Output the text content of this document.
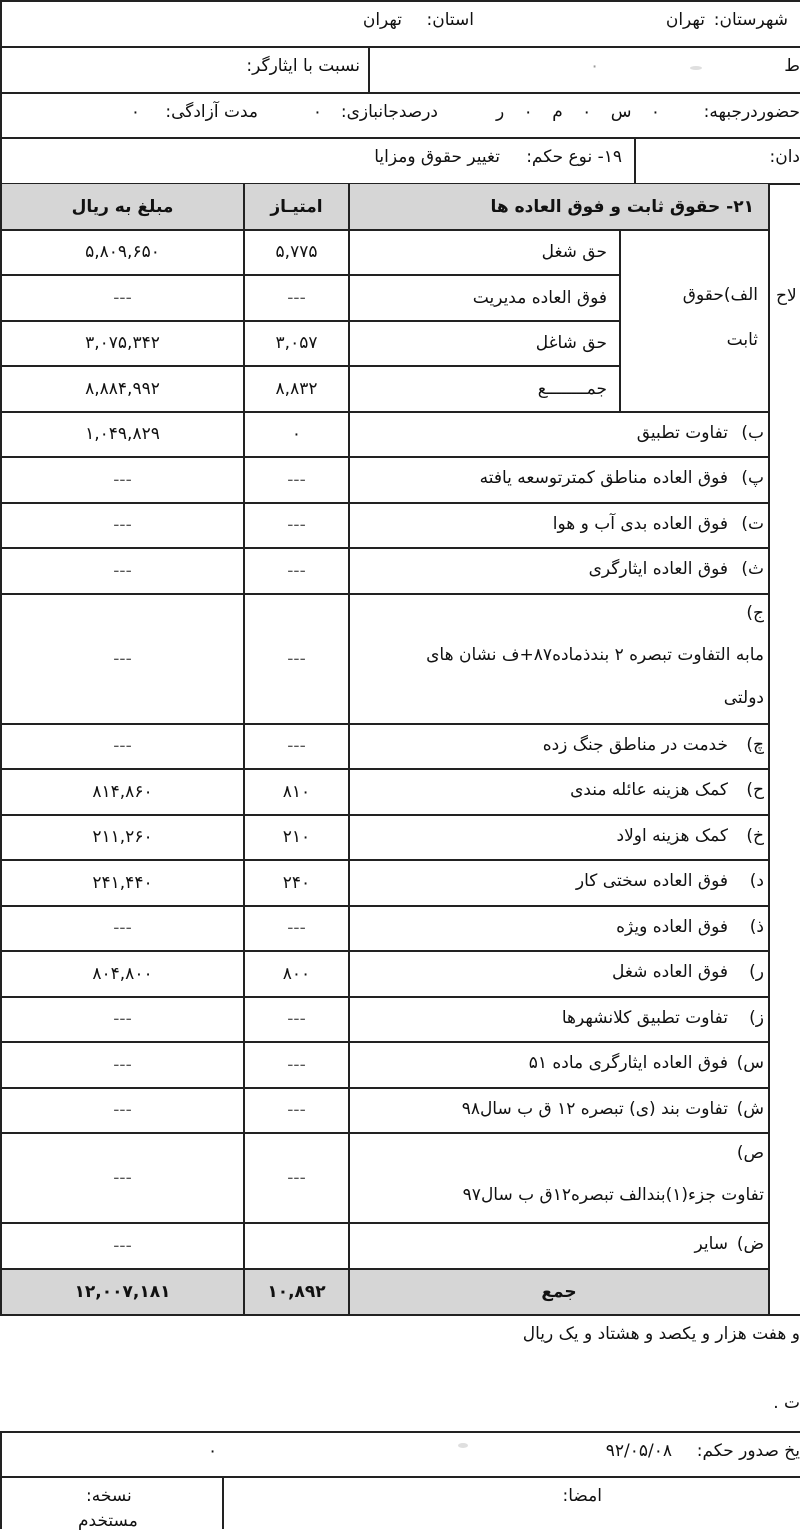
شهرستان:
تهران
استان:
تهران
ط
٠
نسبت با ایثارگر:
حضوردرجبهه:
۰ س ۰ م ۰ ر
درصدجانبازی:
۰
مدت آزادگی:
۰
دان:
۱۹- نوع حکم:
تغییر حقوق ومزایا
۲۱- حقوق ثابت و فوق العاده ها
امتیـاز
مبلغ به ریال
لاح
الف)حقوق
ثابت
حق شغل
۵,۷۷۵
۵,۸۰۹,۶۵۰
فوق العاده مدیریت
---
---
حق شاغل
۳,۰۵۷
۳,۰۷۵,۳۴۲
جمــــــــع
۸,۸۳۲
۸,۸۸۴,۹۹۲
ب)
تفاوت تطبیق
۰
۱,۰۴۹,۸۲۹
پ)
فوق العاده مناطق کمترتوسعه یافته
---
---
ت)
فوق العاده بدی آب و هوا
---
---
ث)
فوق العاده ایثارگری
---
---
ج)
مابه التفاوت تبصره ۲ بندذماده۸۷+ف نشان های
دولتی
---
---
چ)
خدمت در مناطق جنگ زده
---
---
ح)
کمک هزینه عائله مندی
۸۱۰
۸۱۴,۸۶۰
خ)
کمک هزینه اولاد
۲۱۰
۲۱۱,۲۶۰
د)
فوق العاده سختی کار
۲۴۰
۲۴۱,۴۴۰
ذ)
فوق العاده ویژه
---
---
ر)
فوق العاده شغل
۸۰۰
۸۰۴,۸۰۰
ز)
تفاوت تطبیق کلانشهرها
---
---
س)
فوق العاده ایثارگری ماده ۵۱
---
---
ش)
تفاوت بند (ی) تبصره ۱۲ ق ب سال۹۸
---
---
ص)
تفاوت جزء(۱)بندالف تبصره۱۲ق ب سال۹۷
---
---
ض)
سایر
---
جمع
۱۰,۸۹۲
۱۲,۰۰۷,۱۸۱
و هفت هزار و یکصد و هشتاد و یک ریال
ت .
یخ صدور حکم:
۹۲/۰۵/۰۸
٠
امضا:
نسخه:
مستخدم
